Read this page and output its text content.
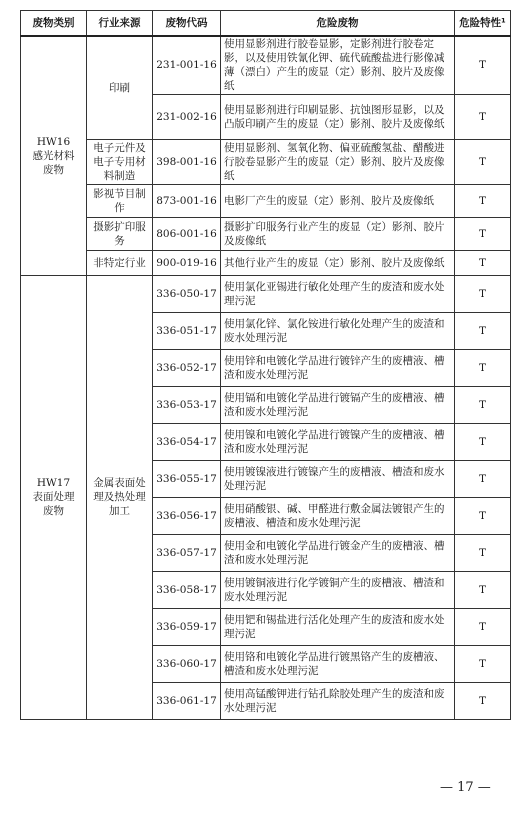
废物类别	行业来源	废物代码	危险废物	危险特性¹

HW16
感光材料
废物	印刷	231-001-16	使用显影剂进行胶卷显影，定影剂进行胶卷定影，以及使用铁氰化钾、硫代硫酸盐进行影像减薄（漂白）产生的废显（定）影剂、胶片及废像纸	T
		231-002-16	使用显影剂进行印刷显影、抗蚀图形显影，以及凸版印刷产生的废显（定）影剂、胶片及废像纸	T
	电子元件及电子专用材料制造	398-001-16	使用显影剂、氢氧化物、偏亚硫酸氢盐、醋酸进行胶卷显影产生的废显（定）影剂、胶片及废像纸	T
	影视节目制作	873-001-16	电影厂产生的废显（定）影剂、胶片及废像纸	T
	摄影扩印服务	806-001-16	摄影扩印服务行业产生的废显（定）影剂、胶片及废像纸	T
	非特定行业	900-019-16	其他行业产生的废显（定）影剂、胶片及废像纸	T

HW17
表面处理
废物	金属表面处理及热处理加工	336-050-17	使用氯化亚锡进行敏化处理产生的废渣和废水处理污泥	T
		336-051-17	使用氯化锌、氯化铵进行敏化处理产生的废渣和废水处理污泥	T
		336-052-17	使用锌和电镀化学品进行镀锌产生的废槽液、槽渣和废水处理污泥	T
		336-053-17	使用镉和电镀化学品进行镀镉产生的废槽液、槽渣和废水处理污泥	T
		336-054-17	使用镍和电镀化学品进行镀镍产生的废槽液、槽渣和废水处理污泥	T
		336-055-17	使用镀镍液进行镀镍产生的废槽液、槽渣和废水处理污泥	T
		336-056-17	使用硝酸银、碱、甲醛进行敷金属法镀银产生的废槽液、槽渣和废水处理污泥	T
		336-057-17	使用金和电镀化学品进行镀金产生的废槽液、槽渣和废水处理污泥	T
		336-058-17	使用镀铜液进行化学镀铜产生的废槽液、槽渣和废水处理污泥	T
		336-059-17	使用钯和锡盐进行活化处理产生的废渣和废水处理污泥	T
		336-060-17	使用铬和电镀化学品进行镀黑铬产生的废槽液、槽渣和废水处理污泥	T
		336-061-17	使用高锰酸钾进行钻孔除胶处理产生的废渣和废水处理污泥	T
— 17 —
